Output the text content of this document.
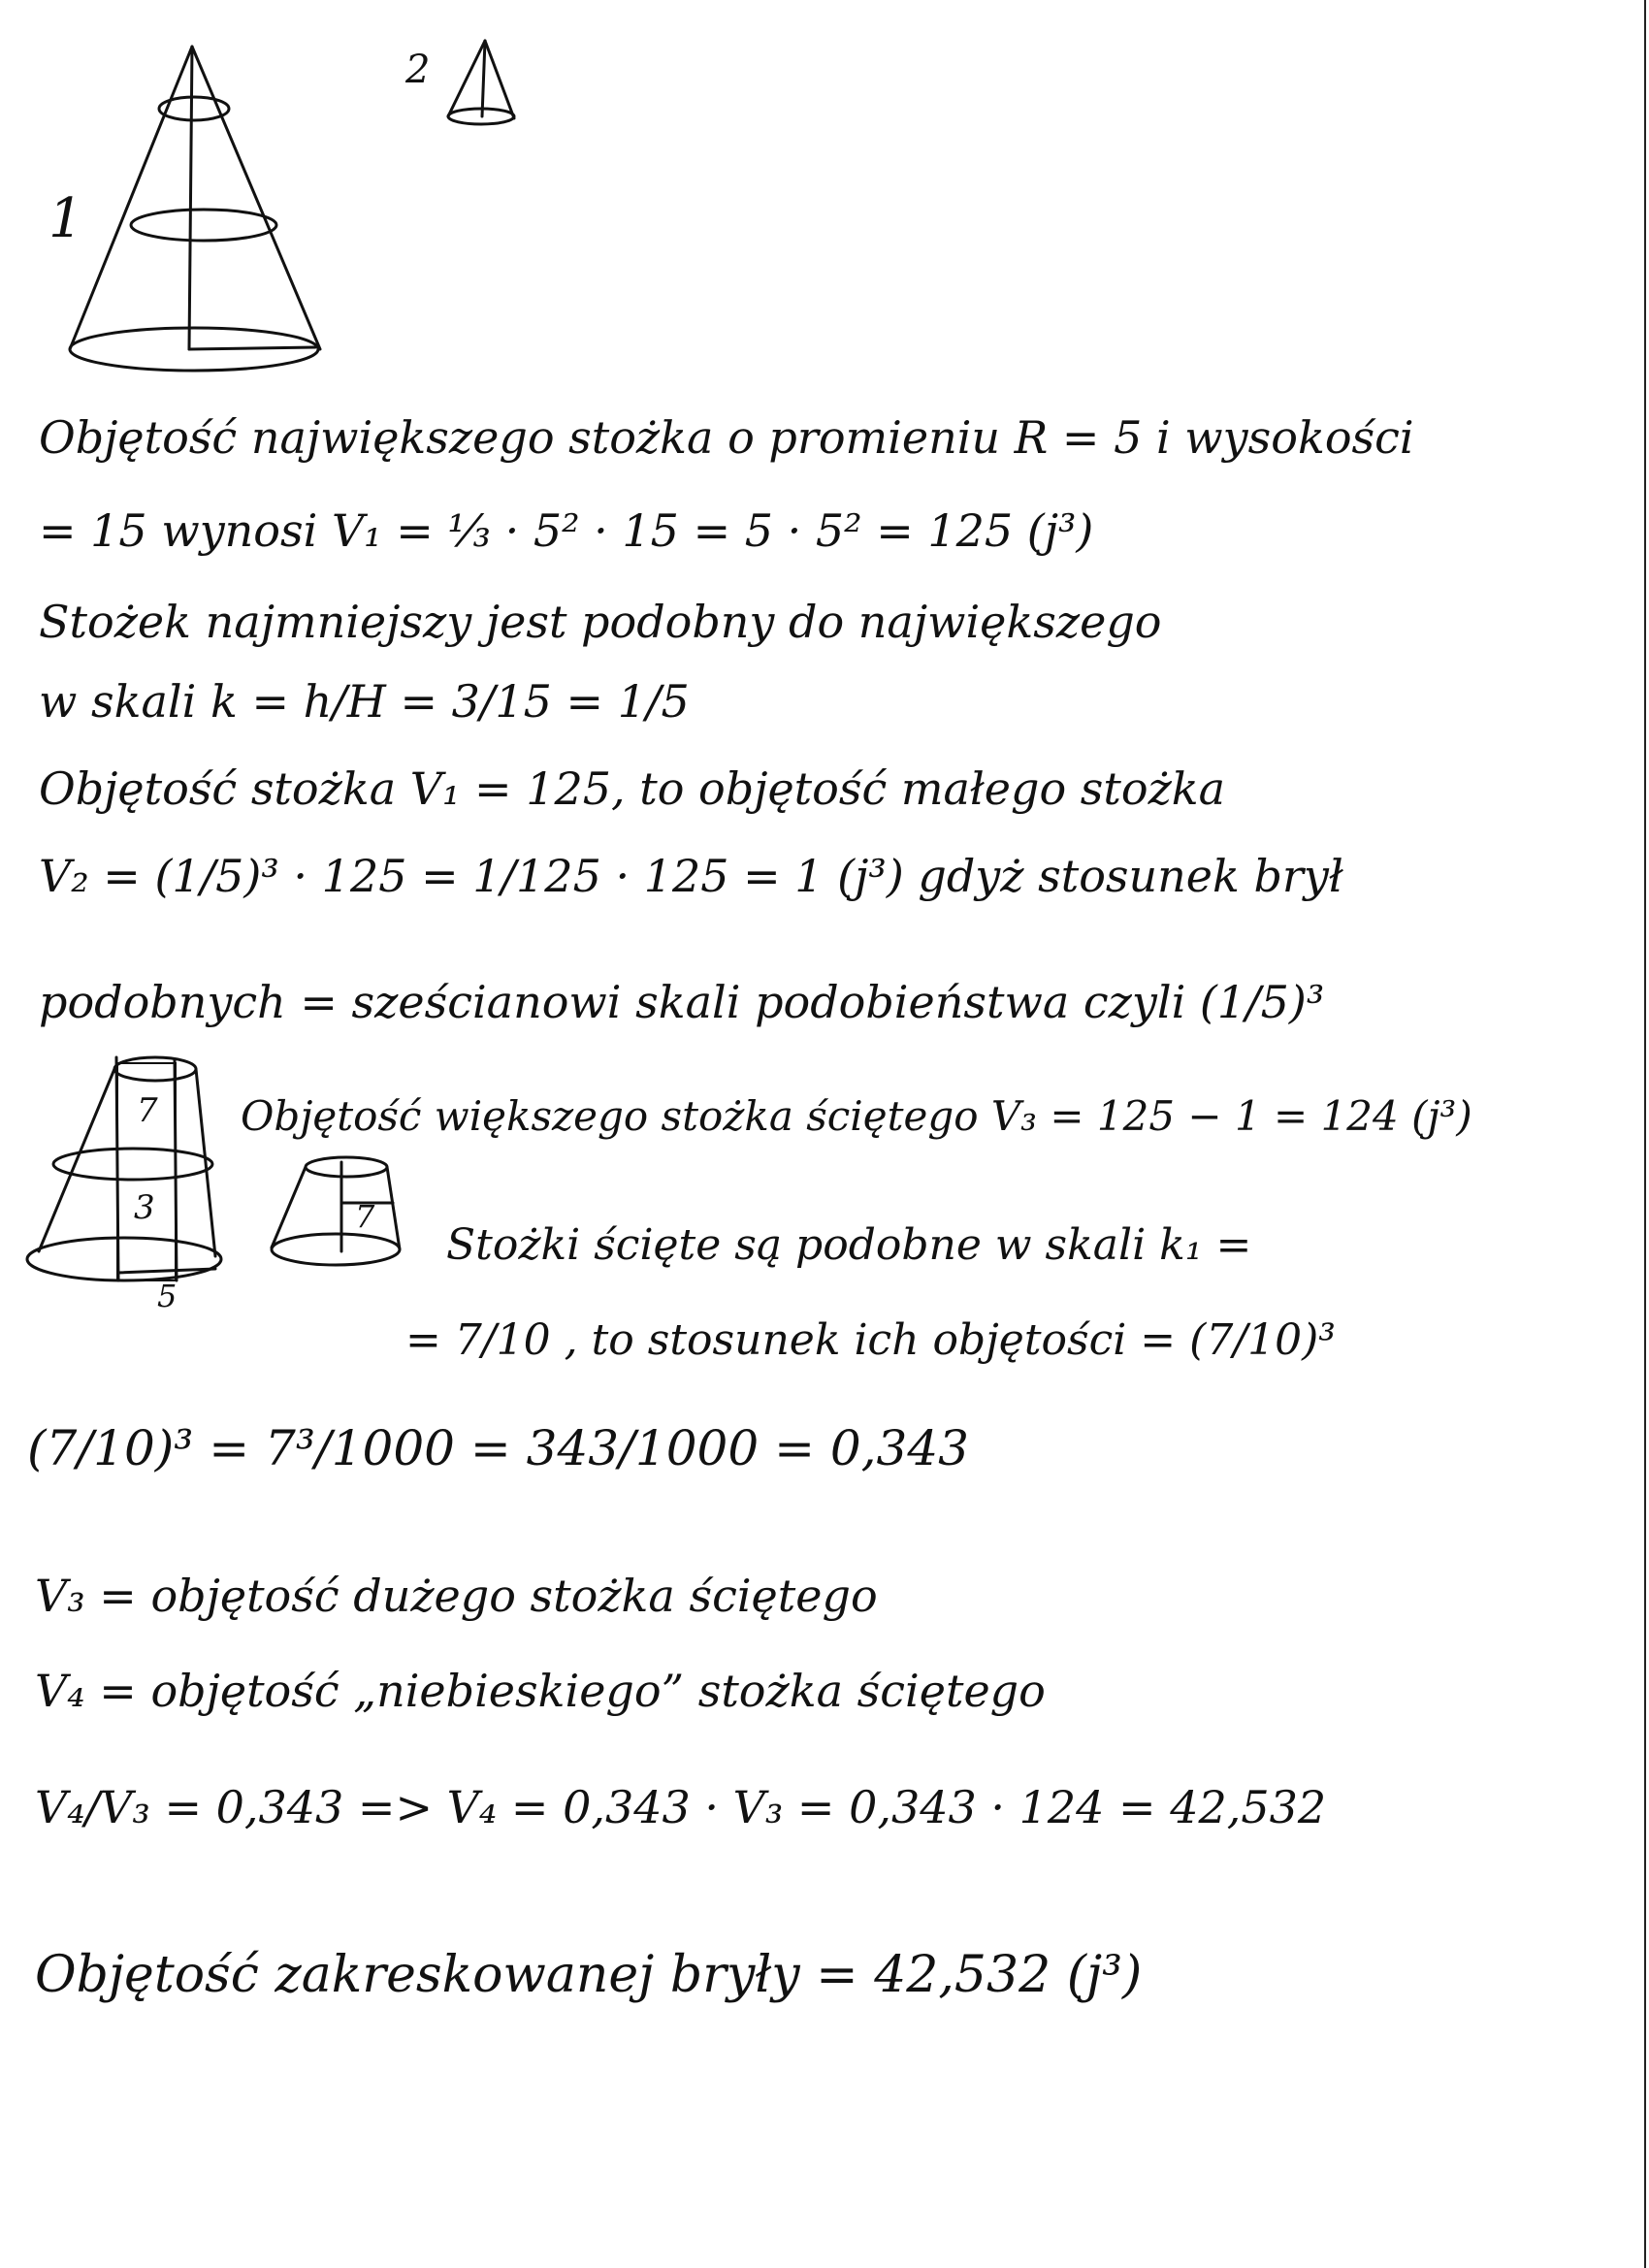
1
2
7
3
5
7
Objętość największego stożka o promieniu R = 5 i wysokości
= 15 wynosi V₁ = ⅓ · 5² · 15 = 5 · 5² = 125 (j³)
Stożek najmniejszy jest podobny do największego
w skali k = h/H = 3/15 = 1/5
Objętość stożka V₁ = 125, to objętość małego stożka
V₂ = (1/5)³ · 125 = 1/125 · 125 = 1 (j³) gdyż stosunek brył
podobnych = sześcianowi skali podobieństwa czyli (1/5)³
Objętość większego stożka ściętego V₃ = 125 − 1 = 124 (j³)
Stożki ścięte są podobne w skali k₁ =
= 7/10 , to stosunek ich objętości = (7/10)³
(7/10)³ = 7³/1000 = 343/1000 = 0,343
V₃ = objętość dużego stożka ściętego
V₄ = objętość „niebieskiego” stożka ściętego
V₄/V₃ = 0,343 => V₄ = 0,343 · V₃ = 0,343 · 124 = 42,532
Objętość zakreskowanej bryły = 42,532 (j³)
